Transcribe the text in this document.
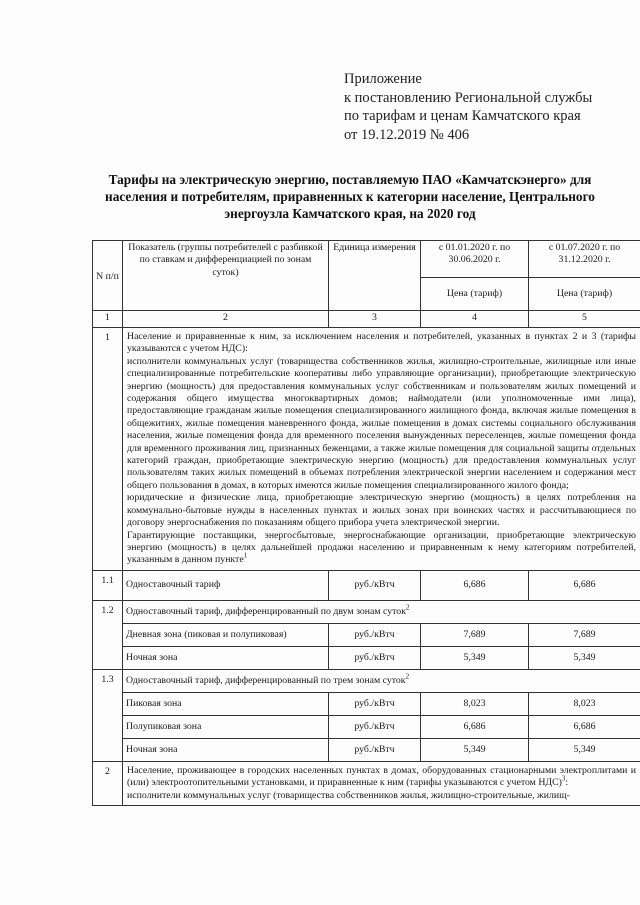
Приложение
к постановлению Региональной службы
по тарифам и ценам Камчатского края
от 19.12.2019 № 406
Тарифы на электрическую энергию, поставляемую ПАО «Камчатскэнерго» для населения и потребителям, приравненных к категории население, Центрального энергоузла Камчатского края, на 2020 год
N п/п	Показатель (группы потребителей с разбивкой по ставкам и дифференциацией по зонам суток)	Единица измерения	с 01.01.2020 г. по 30.06.2020 г.	с 01.07.2020 г. по 31.12.2020 г.
			Цена (тариф)	Цена (тариф)
1	2	3	4	5
1	Население и приравненные к ним, за исключением населения и потребителей, указанных в пунктах 2 и 3 (тарифы указываются с учетом НДС):
исполнители коммунальных услуг (товарищества собственников жилья, жилищно-строительные, жилищные или иные специализированные потребительские кооперативы либо управляющие организации), приобретающие электрическую энергию (мощность) для предоставления коммунальных услуг собственникам и пользователям жилых помещений и содержания общего имущества многоквартирных домов; наймодатели (или уполномоченные ими лица), предоставляющие гражданам жилые помещения специализированного жилищного фонда, включая жилые помещения в общежитиях, жилые помещения маневренного фонда, жилые помещения в домах системы социального обслуживания населения, жилые помещения фонда для временного поселения вынужденных переселенцев, жилые помещения фонда для временного проживания лиц, признанных беженцами, а также жилые помещения для социальной защиты отдельных категорий граждан, приобретающие электрическую энергию (мощность) для предоставления коммунальных услуг пользователям таких жилых помещений в объемах потребления электрической энергии населением и содержания мест общего пользования в домах, в которых имеются жилые помещения специализированного жилого фонда;
юридические и физические лица, приобретающие электрическую энергию (мощность) в целях потребления на коммунально-бытовые нужды в населенных пунктах и жилых зонах при воинских частях и рассчитывающиеся по договору энергоснабжения по показаниям общего прибора учета электрической энергии.
Гарантирующие поставщики, энергосбытовые, энергоснабжающие организации, приобретающие электрическую энергию (мощность) в целях дальнейшей продажи населению и приравненным к нему категориям потребителей, указанным в данном пункте$^1$

1.1	Одноставочный тариф	руб./кВтч	6,686	6,686
1.2	Одноставочный тариф, дифференцированный по двум зонам суток$^2$
	Дневная зона (пиковая и полупиковая)	руб./кВтч	7,689	7,689
	Ночная зона	руб./кВтч	5,349	5,349
1.3	Одноставочный тариф, дифференцированный по трем зонам суток$^2$
	Пиковая зона	руб./кВтч	8,023	8,023
	Полупиковая зона	руб./кВтч	6,686	6,686
	Ночная зона	руб./кВтч	5,349	5,349
2	Население, проживающее в городских населенных пунктах в домах, оборудованных стационарными электроплитами и (или) электроотопительными установками, и приравненные к ним (тарифы указываются с учетом НДС)$^3$:
исполнители коммунальных услуг (товарищества собственников жилья, жилищно-строительные, жилищ-			
